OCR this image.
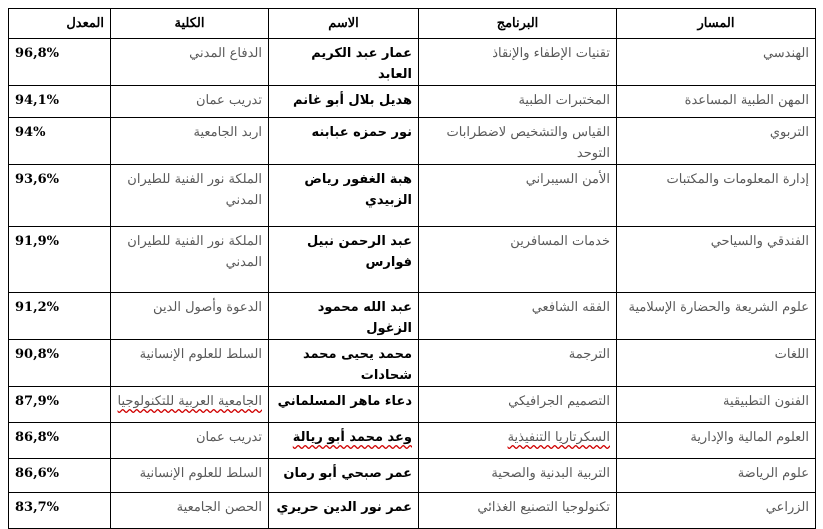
المسار	البرنامج	الاسم	الكلية	المعدل
الهندسي	تقنيات الإطفاء والإنقاذ	عمار عبد الكريم العابد	الدفاع المدني	96,8%
المهن الطبية المساعدة	المختبرات الطبية	هديل بلال أبو غانم	تدريب عمان	94,1%
التربوي	القياس والتشخيص لاضطرابات التوحد	نور حمزه عبابنه	اربد الجامعية	94%
إدارة المعلومات والمكتبات	الأمن السيبراني	هبة الغفور رياض الزبيدي	الملكة نور الفنية للطيران المدني	93,6%
الفندقي والسياحي	خدمات المسافرين	عبد الرحمن نبيل فوارس	الملكة نور الفنية للطيران المدني	91,9%
علوم الشريعة والحضارة الإسلامية	الفقه الشافعي	عبد الله محمود الزغول	الدعوة وأصول الدين	91,2%
اللغات	الترجمة	محمد يحيى محمد شحادات	السلط للعلوم الإنسانية	90,8%
الفنون التطبيقية	التصميم الجرافيكي	دعاء ماهر المسلماني	الجامعية العربية للتكنولوجيا	87,9%
العلوم المالية والإدارية	السكرتاريا التنفيذية	وعد محمد أبو ريالة	تدريب عمان	86,8%
علوم الرياضة	التربية البدنية والصحية	عمر صبحي أبو رمان	السلط للعلوم الإنسانية	86,6%
الزراعي	تكنولوجيا التصنيع الغذائي	عمر نور الدين حريري	الحصن الجامعية	83,7%
